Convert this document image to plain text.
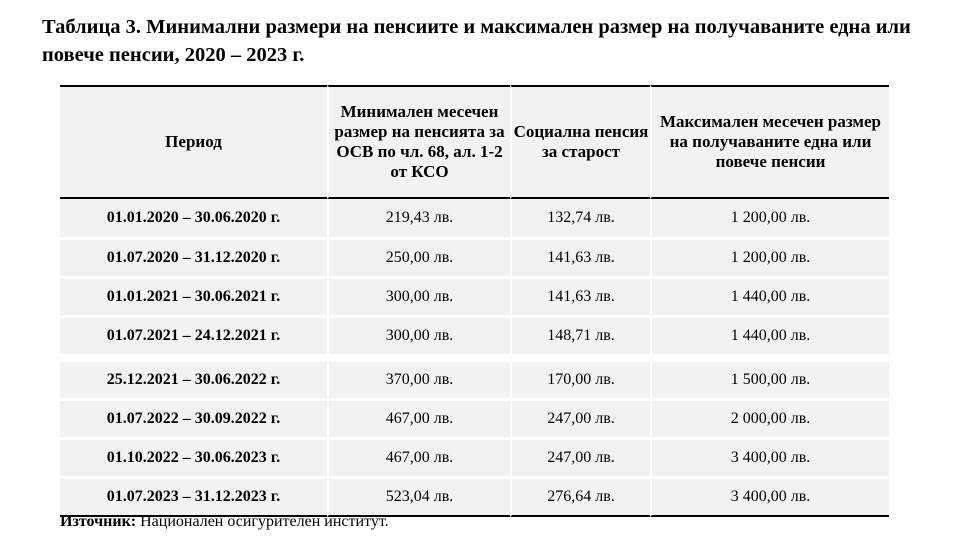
Таблица 3. Минимални размери на пенсиите и максимален размер на получаваните една или повече пенсии, 2020 – 2023 г.
Период	Минимален месечен размер на пенсията за ОСВ по чл. 68, ал. 1-2 от КСО	Социална пенсия за старост	Максимален месечен размер на получаваните една или повече пенсии
01.01.2020 – 30.06.2020 г.	219,43 лв.	132,74 лв.	1 200,00 лв.
01.07.2020 – 31.12.2020 г.	250,00 лв.	141,63 лв.	1 200,00 лв.
01.01.2021 – 30.06.2021 г.	300,00 лв.	141,63 лв.	1 440,00 лв.
01.07.2021 – 24.12.2021 г.	300,00 лв.	148,71 лв.	1 440,00 лв.
25.12.2021 – 30.06.2022 г.	370,00 лв.	170,00 лв.	1 500,00 лв.
01.07.2022 – 30.09.2022 г.	467,00 лв.	247,00 лв.	2 000,00 лв.
01.10.2022 – 30.06.2023 г.	467,00 лв.	247,00 лв.	3 400,00 лв.
01.07.2023 – 31.12.2023 г.	523,04 лв.	276,64 лв.	3 400,00 лв.

Източник: Национален осигурителен институт.
